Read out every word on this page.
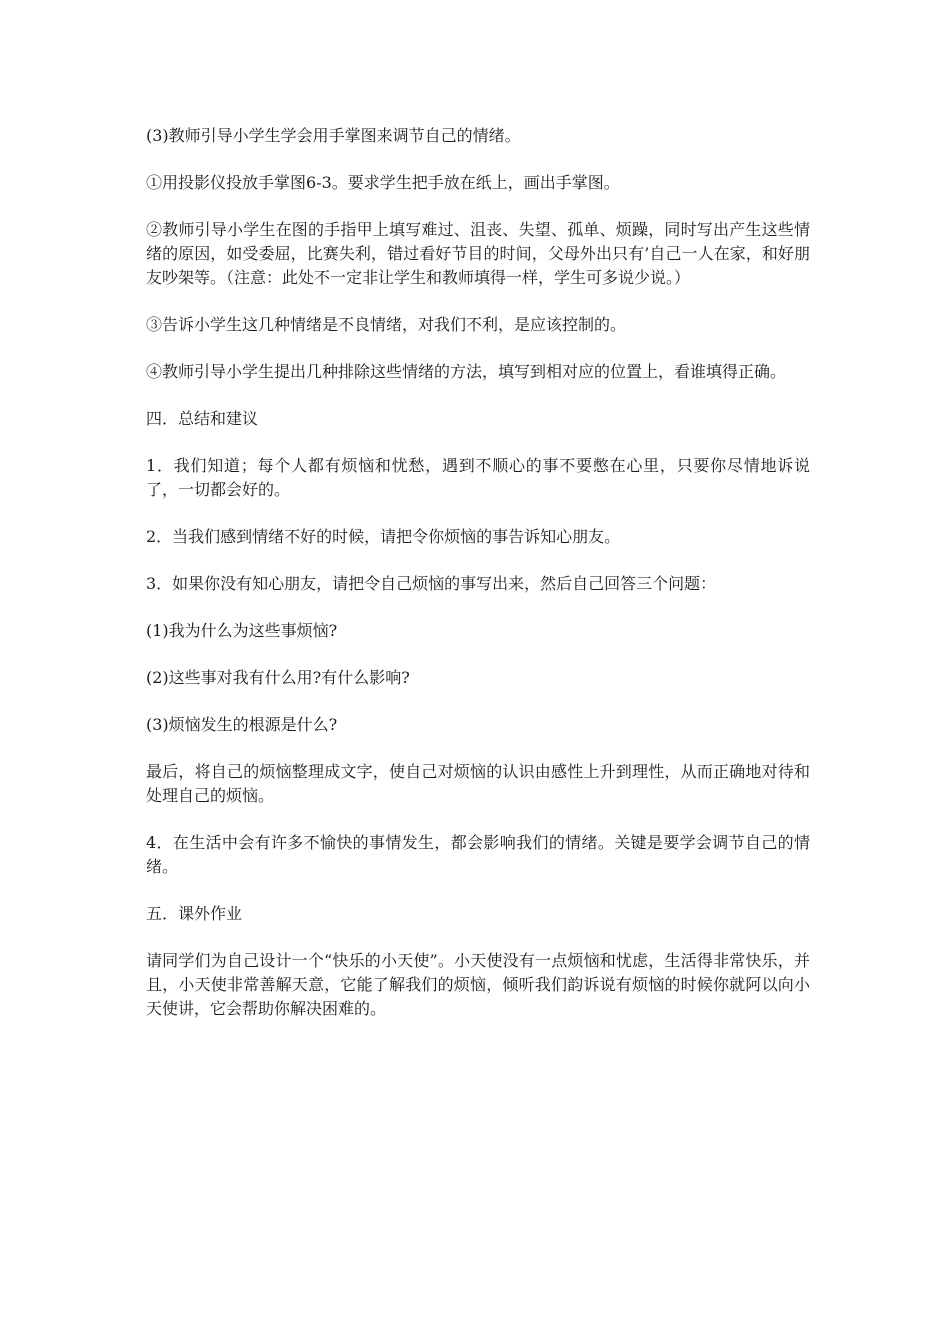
(3)教师引导小学生学会用手掌图来调节自己的情绪。

①用投影仪投放手掌图6-3。要求学生把手放在纸上，画出手掌图。

②教师引导小学生在图的手指甲上填写难过、沮丧、失望、孤单、烦躁，同时写出产生这些情绪的原因，如受委屈，比赛失利，错过看好节目的时间，父母外出只有’自己一人在家，和好朋友吵架等。（注意：此处不一定非让学生和教师填得一样，学生可多说少说。）

③告诉小学生这几种情绪是不良情绪，对我们不利，是应该控制的。

④教师引导小学生提出几种排除这些情绪的方法，填写到相对应的位置上，看谁填得正确。

四．总结和建议

1．我们知道；每个人都有烦恼和忧愁，遇到不顺心的事不要憋在心里，只要你尽情地诉说了，一切都会好的。

2．当我们感到情绪不好的时候，请把令你烦恼的事告诉知心朋友。

3．如果你没有知心朋友，请把令自己烦恼的事写出来，然后自己回答三个问题：

(1)我为什么为这些事烦恼?

(2)这些事对我有什么用?有什么影响?

(3)烦恼发生的根源是什么?

最后，将自己的烦恼整理成文字，使自己对烦恼的认识由感性上升到理性，从而正确地对待和处理自己的烦恼。

4．在生活中会有许多不愉快的事情发生，都会影响我们的情绪。关键是要学会调节自己的情绪。

五．课外作业

请同学们为自己设计一个“快乐的小天使”。小天使没有一点烦恼和忧虑，生活得非常快乐，并且，小天使非常善解天意，它能了解我们的烦恼，倾听我们韵诉说有烦恼的时候你就阿以向小天使讲，它会帮助你解决困难的。
